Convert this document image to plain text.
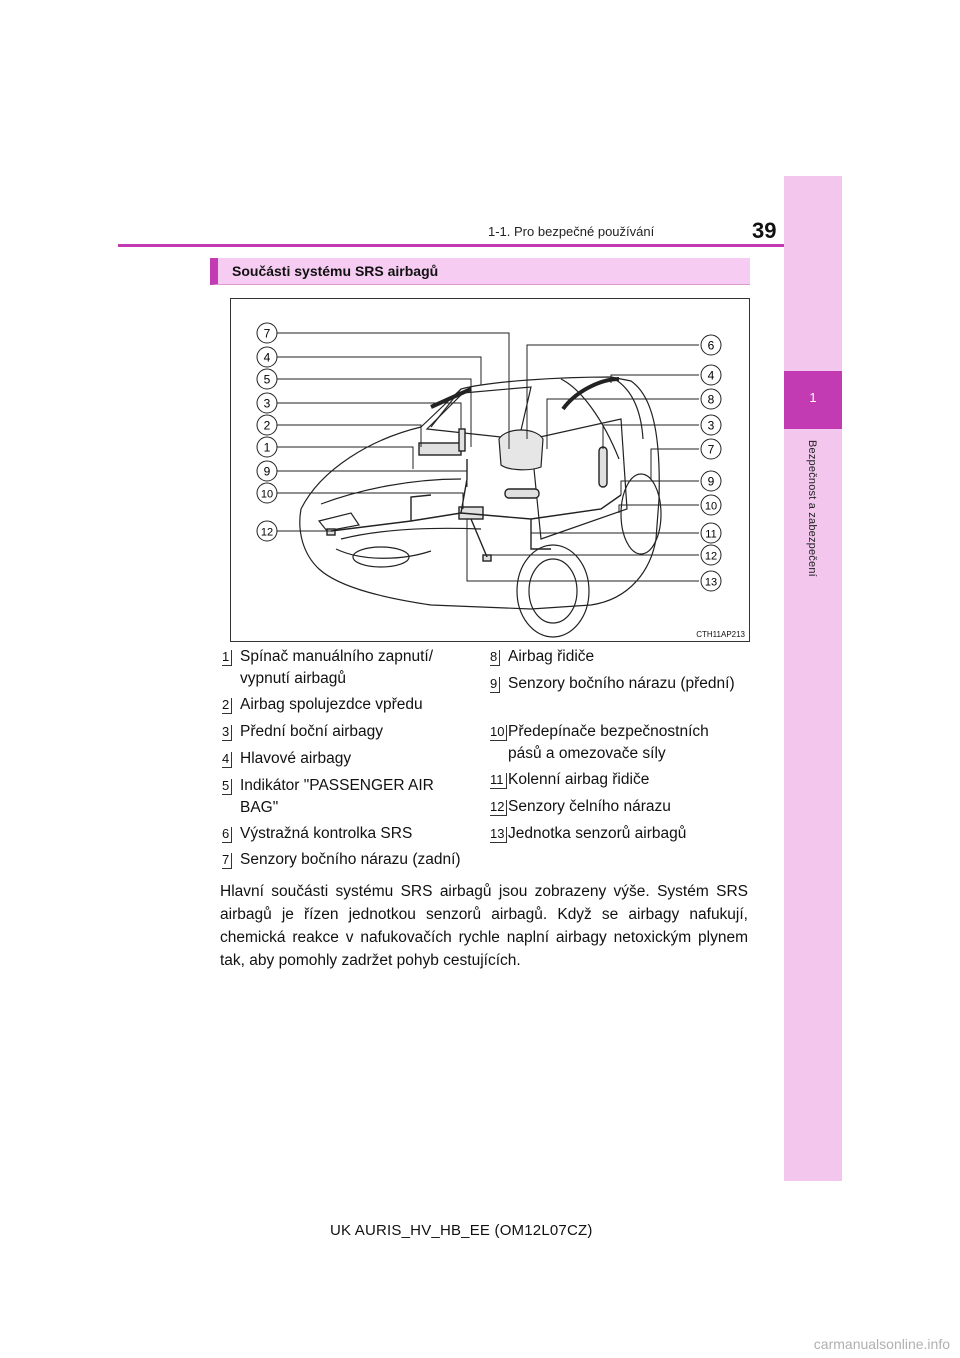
1
Bezpečnost a zabezpečení
1-1. Pro bezpečné používání	39
Součásti systému SRS airbagů
7
4
5
3
2
1
9
10
12
6
4
8
3
7
9
10
11
12
13
CTH11AP213
1 Spínač manuálního zapnutí/ vypnutí airbagů
2 Airbag spolujezdce vpředu
3 Přední boční airbagy
4 Hlavové airbagy
5 Indikátor "PASSENGER AIR BAG"
6 Výstražná kontrolka SRS
7 Senzory bočního nárazu (zadní)
8 Airbag řidiče
9 Senzory bočního nárazu (přední)
10 Předepínače bezpečnostních pásů a omezovače síly
11 Kolenní airbag řidiče
12 Senzory čelního nárazu
13 Jednotka senzorů airbagů

Hlavní součásti systému SRS airbagů jsou zobrazeny výše. Systém SRS airbagů je řízen jednotkou senzorů airbagů. Když se airbagy nafukují, chemická reakce v nafukovačích rychle naplní airbagy netoxickým plynem tak, aby pomohly zadržet pohyb cestujících.

UK AURIS_HV_HB_EE (OM12L07CZ)
carmanualsonline.info
